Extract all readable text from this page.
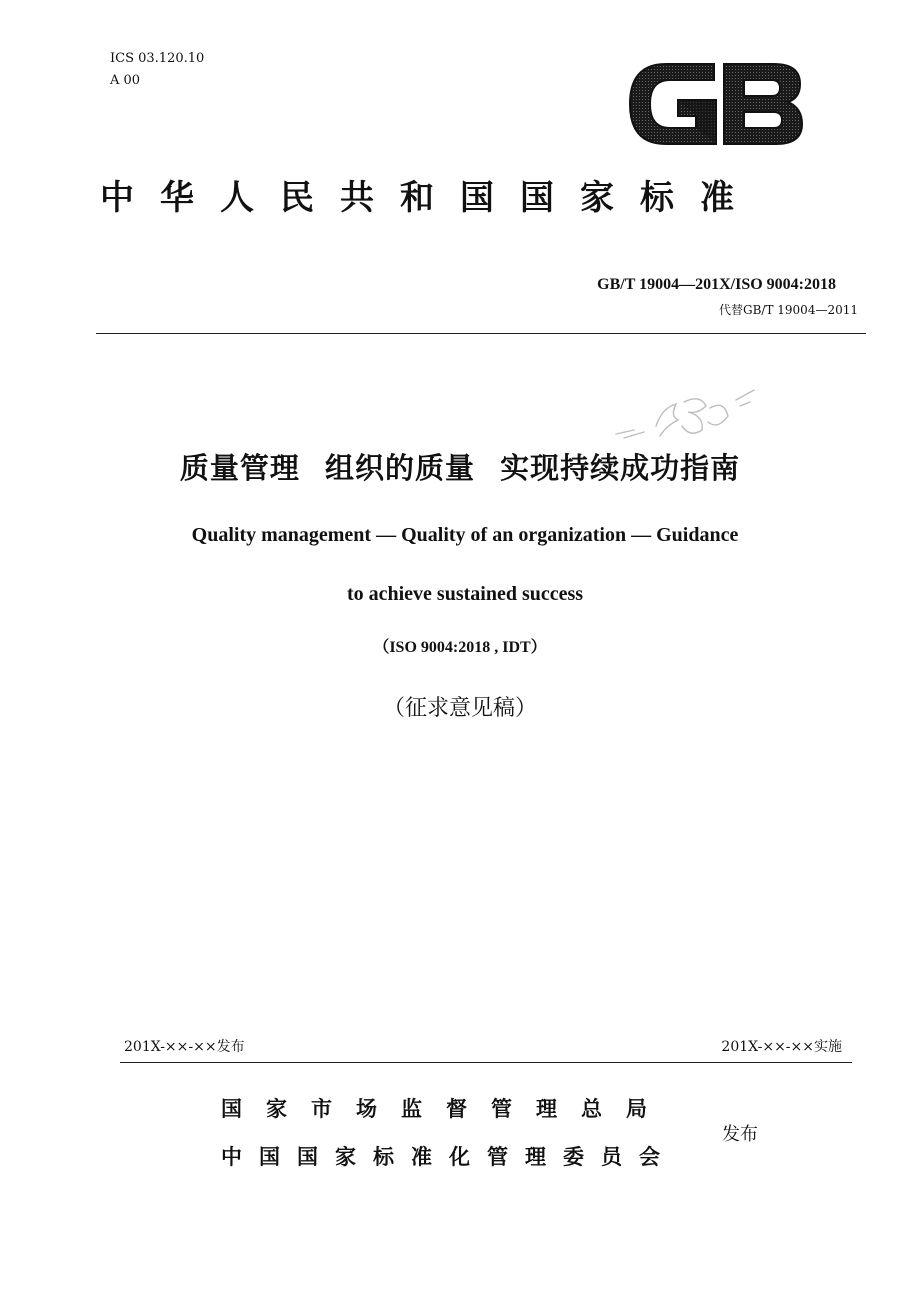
ICS 03.120.10
A 00
中华人民共和国国家标准
GB/T 19004—201X/ISO 9004:2018
代替GB/T 19004—2011
质量管理 组织的质量 实现持续成功指南
Quality management — Quality of an organization — Guidance
to achieve sustained success
（ISO 9004:2018 , IDT）
（征求意见稿）
201X-××-××发布	201X-××-××实施
国家市场监督管理总局
中国国家标准化管理委员会
发布
